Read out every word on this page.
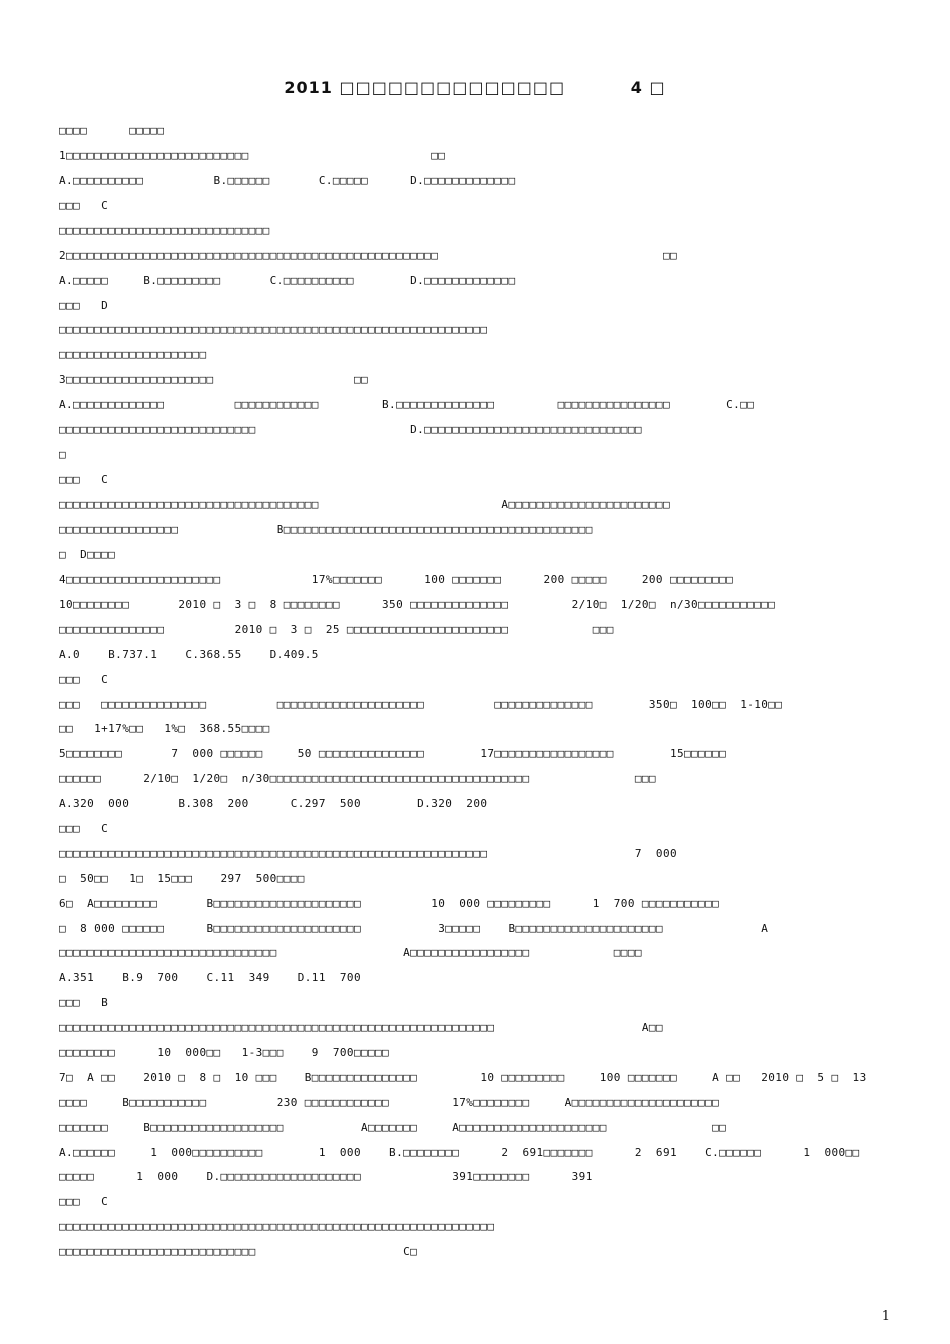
2011 □□□□□□□□□□□□□□          4 □
□□□□      □□□□□
1□□□□□□□□□□□□□□□□□□□□□□□□□□                          □□
A.□□□□□□□□□□          B.□□□□□□       C.□□□□□      D.□□□□□□□□□□□□□
□□□   C
□□□□□□□□□□□□□□□□□□□□□□□□□□□□□□
2□□□□□□□□□□□□□□□□□□□□□□□□□□□□□□□□□□□□□□□□□□□□□□□□□□□□□                                □□
A.□□□□□     B.□□□□□□□□□       C.□□□□□□□□□□        D.□□□□□□□□□□□□□
□□□   D
□□□□□□□□□□□□□□□□□□□□□□□□□□□□□□□□□□□□□□□□□□□□□□□□□□□□□□□□□□□□□
□□□□□□□□□□□□□□□□□□□□□
3□□□□□□□□□□□□□□□□□□□□□                    □□
A.□□□□□□□□□□□□□          □□□□□□□□□□□□         B.□□□□□□□□□□□□□□         □□□□□□□□□□□□□□□□        C.□□
□□□□□□□□□□□□□□□□□□□□□□□□□□□□                      D.□□□□□□□□□□□□□□□□□□□□□□□□□□□□□□□
□
□□□   C
□□□□□□□□□□□□□□□□□□□□□□□□□□□□□□□□□□□□□                          A□□□□□□□□□□□□□□□□□□□□□□□
□□□□□□□□□□□□□□□□□              B□□□□□□□□□□□□□□□□□□□□□□□□□□□□□□□□□□□□□□□□□□□□
□  D□□□□
4□□□□□□□□□□□□□□□□□□□□□□             17%□□□□□□□      100 □□□□□□□      200 □□□□□     200 □□□□□□□□□
10□□□□□□□□       2010 □  3 □  8 □□□□□□□□      350 □□□□□□□□□□□□□□         2/10□  1/20□  n/30□□□□□□□□□□□
□□□□□□□□□□□□□□□          2010 □  3 □  25 □□□□□□□□□□□□□□□□□□□□□□□            □□□
A.0    B.737.1    C.368.55    D.409.5
□□□   C
□□□   □□□□□□□□□□□□□□□          □□□□□□□□□□□□□□□□□□□□□          □□□□□□□□□□□□□□        350□  100□□  1-10□□
□□   1+17%□□   1%□  368.55□□□□
5□□□□□□□□       7  000 □□□□□□     50 □□□□□□□□□□□□□□□        17□□□□□□□□□□□□□□□□□        15□□□□□□
□□□□□□      2/10□  1/20□  n/30□□□□□□□□□□□□□□□□□□□□□□□□□□□□□□□□□□□□□               □□□
A.320  000       B.308  200      C.297  500        D.320  200
□□□   C
□□□□□□□□□□□□□□□□□□□□□□□□□□□□□□□□□□□□□□□□□□□□□□□□□□□□□□□□□□□□□                     7  000
□  50□□   1□  15□□□    297  500□□□□
6□  A□□□□□□□□□       B□□□□□□□□□□□□□□□□□□□□□          10  000 □□□□□□□□□      1  700 □□□□□□□□□□□
□  8 000 □□□□□□      B□□□□□□□□□□□□□□□□□□□□□           3□□□□□    B□□□□□□□□□□□□□□□□□□□□□              A
□□□□□□□□□□□□□□□□□□□□□□□□□□□□□□□                  A□□□□□□□□□□□□□□□□□            □□□□
A.351    B.9  700    C.11  349    D.11  700
□□□   B
□□□□□□□□□□□□□□□□□□□□□□□□□□□□□□□□□□□□□□□□□□□□□□□□□□□□□□□□□□□□□□                     A□□
□□□□□□□□      10  000□□   1-3□□□    9  700□□□□□
7□  A □□    2010 □  8 □  10 □□□    B□□□□□□□□□□□□□□□         10 □□□□□□□□□     100 □□□□□□□     A □□   2010 □  5 □  13
□□□□     B□□□□□□□□□□□          230 □□□□□□□□□□□□         17%□□□□□□□□     A□□□□□□□□□□□□□□□□□□□□□
□□□□□□□     B□□□□□□□□□□□□□□□□□□□           A□□□□□□□     A□□□□□□□□□□□□□□□□□□□□□               □□
A.□□□□□□     1  000□□□□□□□□□□        1  000    B.□□□□□□□□      2  691□□□□□□□      2  691    C.□□□□□□      1  000□□
□□□□□      1  000    D.□□□□□□□□□□□□□□□□□□□□             391□□□□□□□□      391
□□□   C
□□□□□□□□□□□□□□□□□□□□□□□□□□□□□□□□□□□□□□□□□□□□□□□□□□□□□□□□□□□□□□
□□□□□□□□□□□□□□□□□□□□□□□□□□□□                     C□
1
